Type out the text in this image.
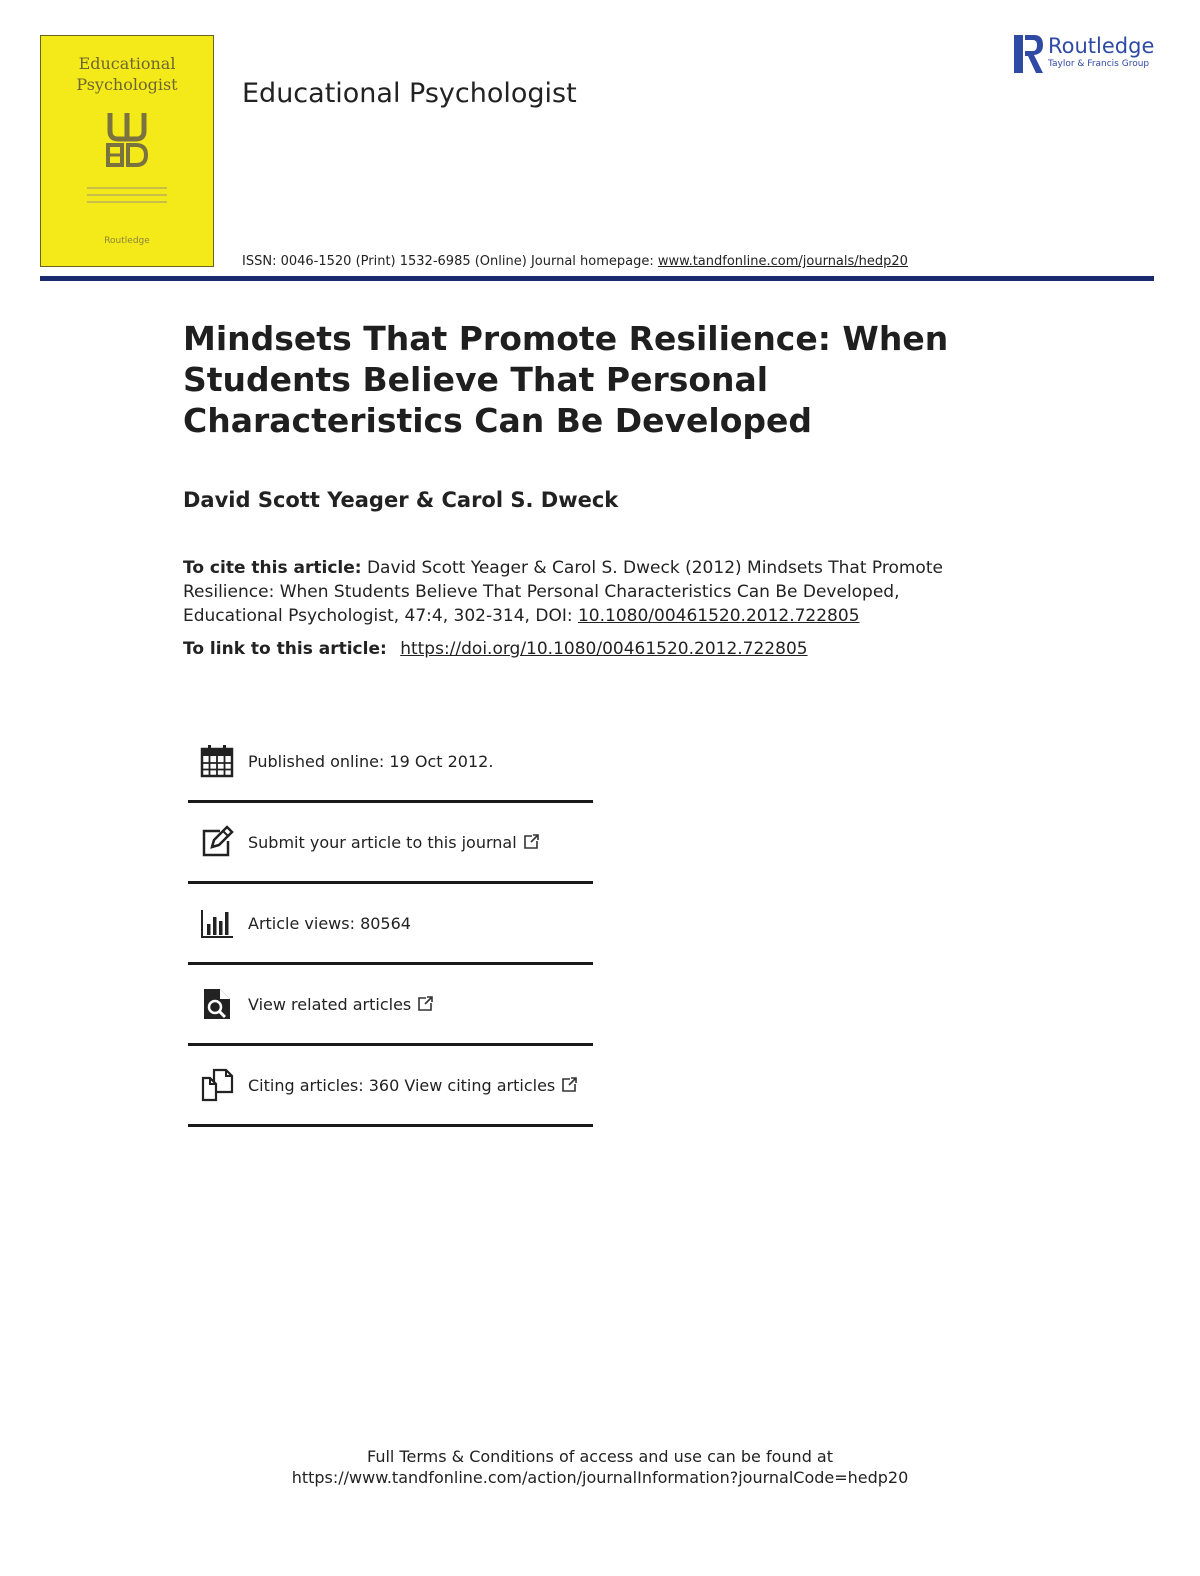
Educational
Psychologist
Routledge
Educational Psychologist
Routledge
Taylor & Francis Group
ISSN: 0046-1520 (Print) 1532-6985 (Online) Journal homepage: www.tandfonline.com/journals/hedp20
Mindsets That Promote Resilience: When Students Believe That Personal Characteristics Can Be Developed
David Scott Yeager & Carol S. Dweck
To cite this article: David Scott Yeager & Carol S. Dweck (2012) Mindsets That Promote Resilience: When Students Believe That Personal Characteristics Can Be Developed, Educational Psychologist, 47:4, 302-314, DOI: 10.1080/00461520.2012.722805
To link to this article: https://doi.org/10.1080/00461520.2012.722805
Published online: 19 Oct 2012.
Submit your article to this journal
Article views: 80564
View related articles
Citing articles: 360 View citing articles
Full Terms & Conditions of access and use can be found at
https://www.tandfonline.com/action/journalInformation?journalCode=hedp20
